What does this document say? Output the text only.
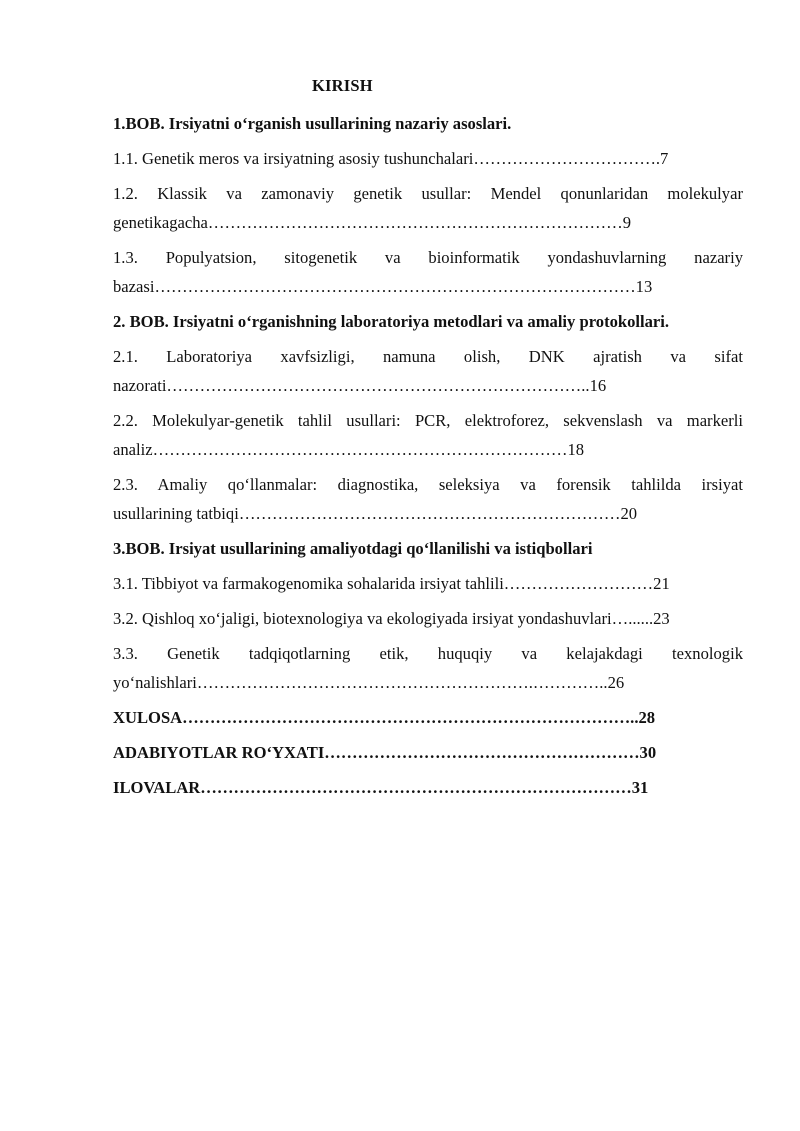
KIRISH
1.BOB. Irsiyatni o‘rganish usullarining nazariy asoslari.
1.1. Genetik meros va irsiyatning asosiy tushunchalari…………………………….7
1.2. Klassik va zamonaviy genetik usullar: Mendel qonunlaridan molekulyar
genetikagacha…………………………………………………………………9
1.3. Populyatsion, sitogenetik va bioinformatik yondashuvlarning nazariy
bazasi……………………………………………………………………………13
2. BOB. Irsiyatni o‘rganishning laboratoriya metodlari va amaliy protokollari.
2.1. Laboratoriya xavfsizligi, namuna olish, DNK ajratish va sifat
nazorati…………………………………………………………………..16
2.2. Molekulyar-genetik tahlil usullari: PCR, elektroforez, sekvenslash va markerli
analiz…………………………………………………………………18
2.3. Amaliy qo‘llanmalar: diagnostika, seleksiya va forensik tahlilda irsiyat
usullarining tatbiqi……………………………………………………………20
3.BOB. Irsiyat usullarining amaliyotdagi qo‘llanilishi va istiqbollari
3.1. Tibbiyot va farmakogenomika sohalarida irsiyat tahlili………………………21
3.2. Qishloq xo‘jaligi, biotexnologiya va ekologiyada irsiyat yondashuvlari…......23
3.3. Genetik tadqiqotlarning etik, huquqiy va kelajakdagi texnologik
yo‘nalishlari…………………………………………………….…………..26
XULOSA………………………………………………………………………..28
ADABIYOTLAR RO‘YXATI…………………………………………………30
ILOVALAR……………………………………………………………………31
